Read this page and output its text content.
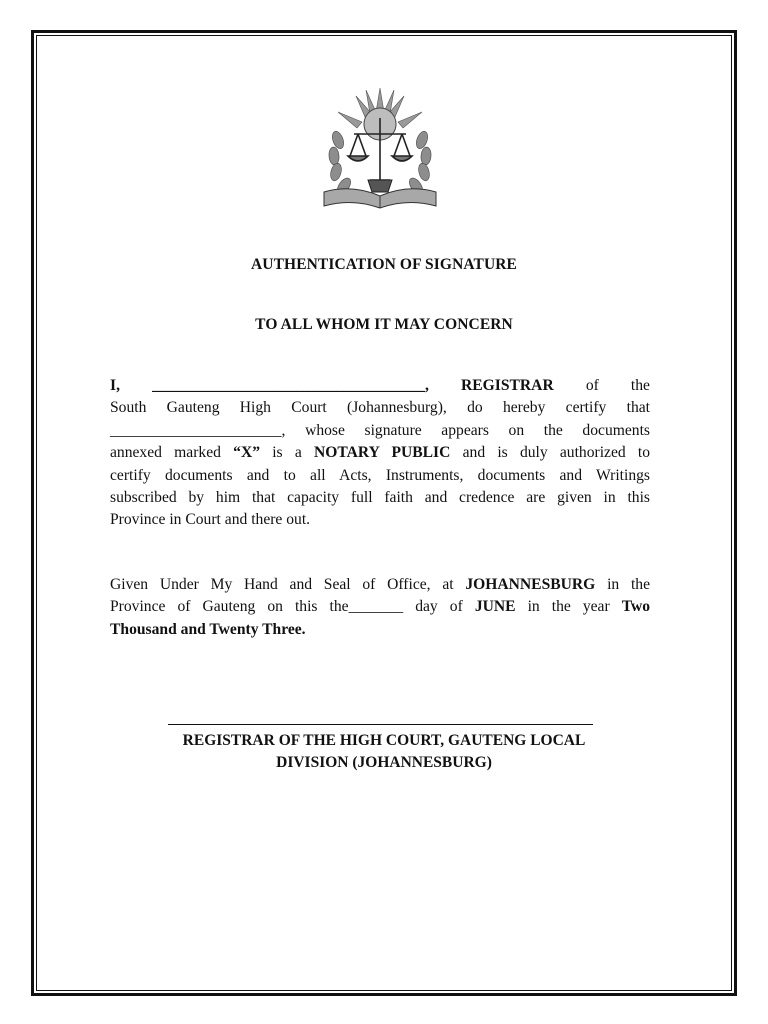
AUTHENTICATION OF SIGNATURE
TO ALL WHOM IT MAY CONCERN
I, ___________________________________, REGISTRAR of the
South Gauteng High Court (Johannesburg), do hereby certify that
______________________, whose signature appears on the documents
annexed marked “X” is a NOTARY PUBLIC and is duly authorized to
certify documents and to all Acts, Instruments, documents and Writings
subscribed by him that capacity full faith and credence are given in this
Province in Court and there out.
Given Under My Hand and Seal of Office, at JOHANNESBURG in the
Province of Gauteng on this the_______ day of JUNE in the year Two
Thousand and Twenty Three.
REGISTRAR OF THE HIGH COURT, GAUTENG LOCAL
DIVISION (JOHANNESBURG)
